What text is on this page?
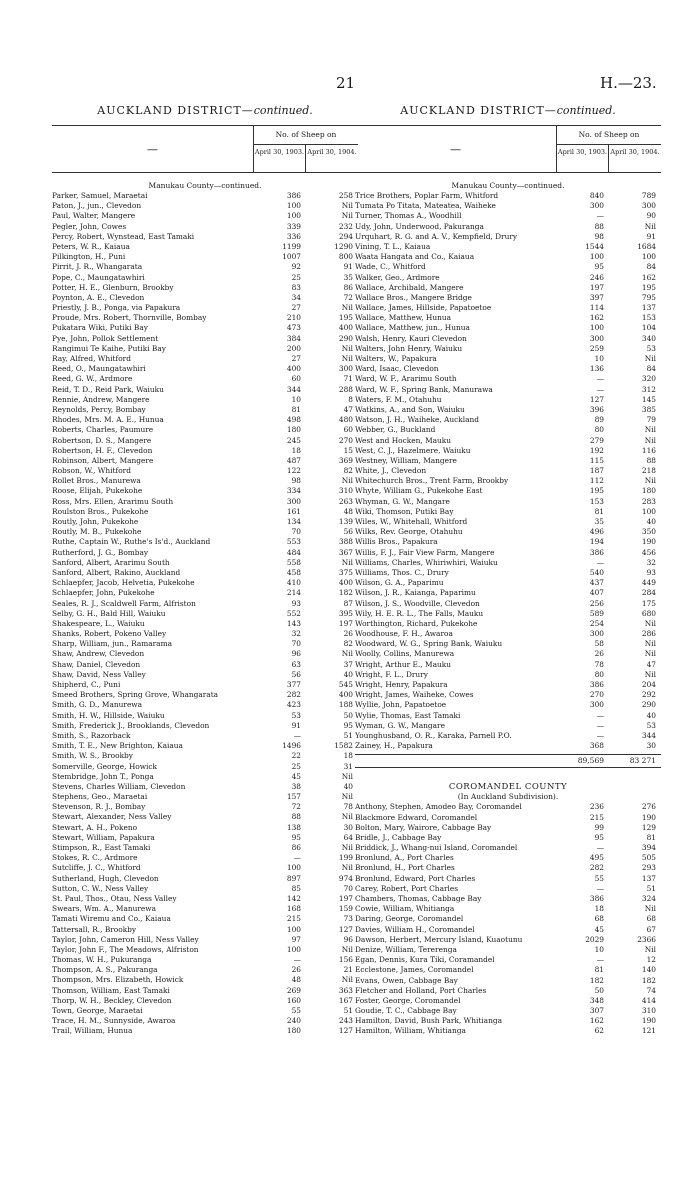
21	H.—23.
AUCKLAND DISTRICT—continued.
—
No. of Sheep on
April 30, 1903. April 30, 1904.
Manukau County—continued.
Parker, Samuel, Maraetai	386	258
Paton, J., jun., Clevedon	100	Nil
Paul, Walter, Mangere	100	Nil
Pegler, John, Cowes	339	232
Percy, Robert, Wynstead, East Tamaki	336	294
Peters, W. R., Kaiaua	1199	1290
Pilkington, H., Puni	1007	800
Pirrit, J. R., Whangarata	92	91
Pope, C., Maungatawhiri	25	35
Potter, H. E., Glenburn, Brookby	83	86
Poynton, A. E., Clevedon	34	72
Priestly, J. B., Ponga, via Papakura	27	Nil
Proude, Mrs. Robert, Thornville, Bombay	210	195
Pukatara Wiki, Putiki Bay	473	400
Pye, John, Pollok Settlement	384	290
Rangimui Te Kaihe, Putiki Bay	200	Nil
Ray, Alfred, Whitford	27	Nil
Reed, O., Maungatawhiri	400	300
Reed, G. W., Ardmore	60	71
Reid, T. D., Reid Park, Waiuku	344	288
Rennie, Andrew, Mangere	10	8
Reynolds, Percy, Bombay	81	47
Rhodes, Mrs. M. A. E., Hunua	498	480
Roberts, Charles, Paumure	180	60
Robertson, D. S., Mangere	245	270
Robertson, H. F., Clevedon	18	15
Robinson, Albert, Mangere	487	369
Robson, W., Whitford	122	82
Rollet Bros., Manurewa	98	Nil
Roose, Elijah, Pukekohe	334	310
Ross, Mrs. Ellen, Ararimu South	300	263
Roulston Bros., Pukekohe	161	48
Routly, John, Pukekohe	134	139
Routly, M. B., Pukekohe	70	56
Ruthe, Captain W., Ruthe's Is'd., Auckland	553	388
Rutherford, J. G., Bombay	484	367
Sanford, Albert, Ararimu South	558	Nil
Sanford, Albert, Rakino, Auckland	458	375
Schlaepfer, Jacob, Helvetia, Pukekohe	410	400
Schlaepfer, John, Pukekohe	214	182
Seales, R. J., Scaldwell Farm, Alfriston	93	87
Selby, G. H., Bald Hill, Waiuku	552	395
Shakespeare, L., Waiuku	143	197
Shanks, Robert, Pokeno Valley	32	26
Sharp, William, jun., Ramarama	70	82
Shaw, Andrew, Clevedon	96	Nil
Shaw, Daniel, Clevedon	63	37
Shaw, David, Ness Valley	56	40
Shipherd, C., Puni	377	545
Smeed Brothers, Spring Grove, Whangarata	282	400
Smith, G. D., Manurewa	423	188
Smith, H. W., Hillside, Waiuku	53	50
Smith, Frederick J., Brooklands, Clevedon	91	95
Smith, S., Razorback	—	51
Smith, T. E., New Brighton, Kaiaua	1496	1582
Smith, W. S., Brookby	22	18
Somerville, George, Howick	25	31
Stembridge, John T., Ponga	45	Nil
Stevens, Charles William, Clevedon	38	40
Stephens, Geo., Maraetai	157	Nil
Stevenson, R. J., Bombay	72	78
Stewart, Alexander, Ness Valley	88	Nil
Stewart, A. H., Pokeno	138	30
Stewart, William, Papakura	95	64
Stimpson, R., East Tamaki	86	Nil
Stokes, R. C., Ardmore	—	199
Sutcliffe, J. C., Whitford	100	Nil
Sutherland, Hugh, Clevedon	897	974
Sutton, C. W., Ness Valley	85	70
St. Paul, Thos., Otau, Ness Valley	142	197
Swears, Wm. A., Manurewa	168	159
Tamati Wiremu and Co., Kaiaua	215	73
Tattersall, R., Brookby	100	127
Taylor, John, Cameron Hill, Ness Valley	97	96
Taylor, John F., The Meadows, Alfriston	100	Nil
Thomas, W. H., Pukuranga	—	156
Thompson, A. S., Pakuranga	26	21
Thompson, Mrs. Elizabeth, Howick	48	Nil
Thomson, William, East Tamaki	269	363
Thorp, W. H., Beckley, Clevedon	160	167
Town, George, Maraetai	55	51
Trace, H. M., Sunnyside, Awaroa	240	243
Trail, William, Hunua	180	127
AUCKLAND DISTRICT—continued.
—
No. of Sheep on
April 30, 1903. April 30, 1904.
Manukau County—continued.
Trice Brothers, Poplar Farm, Whitford	840	789
Tumata Po Titata, Mateatea, Waiheke	300	300
Turner, Thomas A., Woodhill	—	90
Udy, John, Underwood, Pakuranga	88	Nil
Urquhart, R. G. and A. V., Kempfield, Drury	98	91
Vining, T. L., Kaiaua	1544	1684
Waata Hangata and Co., Kaiaua	100	100
Wade, C., Whitford	95	84
Walker, Geo., Ardmore	246	162
Wallace, Archibald, Mangere	197	195
Wallace Bros., Mangere Bridge	397	795
Wallace, James, Hillside, Papatoetoe	114	137
Wallace, Matthew, Hunua	162	153
Wallace, Matthew, jun., Hunua	100	104
Walsh, Henry, Kauri Clevedon	300	340
Walters, John Henry, Waiuku	259	53
Walters, W., Papakura	10	Nil
Ward, Isaac, Clevedon	136	84
Ward, W. F., Ararimu South	—	320
Ward, W. F., Spring Bank, Manurawa	—	312
Waters, F. M., Otahuhu	127	145
Watkins, A., and Son, Waiuku	396	385
Watson, J. H., Waiheke, Auckland	89	79
Webber, G., Buckland	80	Nil
West and Hocken, Mauku	279	Nil
West, C. J., Hazelmere, Waiuku	192	116
Westney, William, Mangere	115	88
White, J., Clevedon	187	218
Whitechurch Bros., Trent Farm, Brookby	112	Nil
Whyte, William G., Pukekohe East	195	180
Whyman, G. W., Mangare	153	283
Wiki, Thomson, Putiki Bay	81	100
Wiles, W., Whitehall, Whitford	35	40
Wilks, Rev. George, Otahuhu	496	350
Willis Bros., Papakura	194	190
Willis, F. J., Fair View Farm, Mangere	386	456
Williams, Charles, Whiriwhiri, Waiuku	—	32
Williams, Thos. C., Drury	540	93
Wilson, G. A., Paparimu	437	449
Wilson, J. R., Kaianga, Paparimu	407	284
Wilson, J. S., Woodville, Clevedon	256	175
Wily, H. E. R. L., The Falls, Mauku	589	680
Worthington, Richard, Pukekohe	254	Nil
Woodhouse, F. H., Awaroa	300	286
Woodward, W. G., Spring Bank, Waiuku	58	Nil
Woolly, Collins, Manurewa	26	Nil
Wright, Arthur E., Mauku	78	47
Wright, F. L., Drury	80	Nil
Wright, Henry, Papakura	386	204
Wright, James, Waiheke, Cowes	270	292
Wyllie, John, Papatoetoe	300	290
Wylie, Thomas, East Tamaki	—	40
Wyman, G. W., Mangare	—	53
Younghusband, O. R., Karaka, Parnell P.O.	—	344
Zainey, H., Papakura	368	30
89,569	83 271
COROMANDEL COUNTY
(In Auckland Subdivision).
Anthony, Stephen, Amodeo Bay, Coromandel	236	276
Blackmore Edward, Coromandel	215	190
Bolton, Mary, Wairore, Cabbage Bay	99	129
Bridle, J., Cabbage Bay	95	81
Briddick, J., Whang-nui Island, Coromandel	—	394
Bronlund, A., Port Charles	495	505
Bronlund, H., Port Charles	282	293
Bronlund, Edward, Port Charles	55	137
Carey, Robert, Port Charles	—	51
Chambers, Thomas, Cabbage Bay	386	324
Cowie, William, Whitianga	18	Nil
Daring, George, Coromandel	68	68
Davies, William H., Coromandel	45	67
Dawson, Herbert, Mercury Island, Kuaotunu	2029	2366
Denize, William, Tererenga	10	Nil
Egan, Dennis, Kura Tiki, Coramandel	—	12
Ecclestone, James, Coromandel	81	140
Evans, Owen, Cabbage Bay	182	182
Fletcher and Holland, Port Charles	50	74
Foster, George, Coromandel	348	414
Goudie, T. C., Cabbage Bay	307	310
Hamilton, David, Bush Park, Whitianga	162	190
Hamilton, William, Whitianga	62	121
